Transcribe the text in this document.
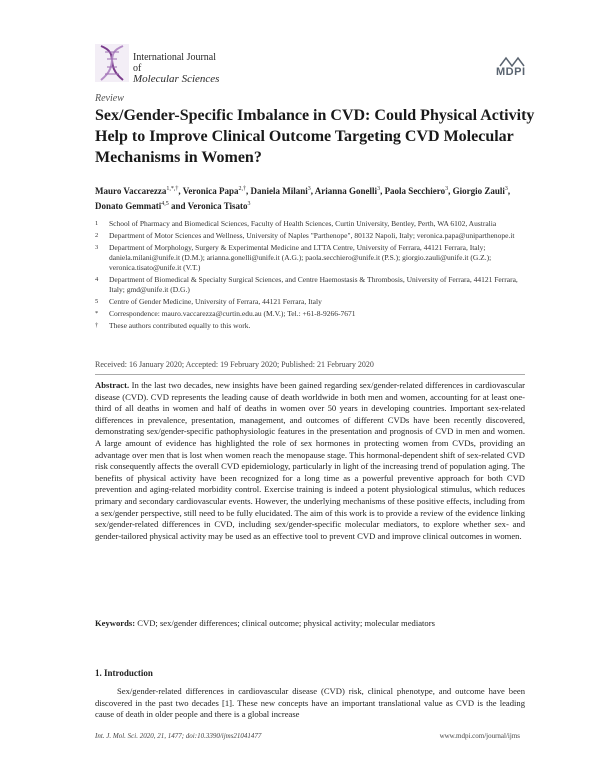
International Journal of
Molecular Sciences
MDPI
Review
Sex/Gender-Specific Imbalance in CVD: Could Physical Activity Help to Improve Clinical Outcome Targeting CVD Molecular Mechanisms in Women?
Mauro Vaccarezza$^{1,*,\dagger}$, Veronica Papa$^{2,\dagger}$, Daniela Milani$^3$, Arianna Gonelli$^3$, Paola Secchiero$^3$, Giorgio Zauli$^3$, Donato Gemmati$^{4,5}$ and Veronica Tisato$^3$
1 School of Pharmacy and Biomedical Sciences, Faculty of Health Sciences, Curtin University, Bentley, Perth, WA 6102, Australia
2 Department of Motor Sciences and Wellness, University of Naples "Parthenope", 80132 Napoli, Italy; veronica.papa@uniparthenope.it
3 Department of Morphology, Surgery & Experimental Medicine and LTTA Centre, University of Ferrara, 44121 Ferrara, Italy; daniela.milani@unife.it (D.M.); arianna.gonelli@unife.it (A.G.); paola.secchiero@unife.it (P.S.); giorgio.zauli@unife.it (G.Z.); veronica.tisato@unife.it (V.T.)
4 Department of Biomedical & Specialty Surgical Sciences, and Centre Haemostasis & Thrombosis, University of Ferrara, 44121 Ferrara, Italy; gmd@unife.it (D.G.)
5 Centre of Gender Medicine, University of Ferrara, 44121 Ferrara, Italy
* Correspondence: mauro.vaccarezza@curtin.edu.au (M.V.); Tel.: +61-8-9266-7671
† These authors contributed equally to this work.
Received: 16 January 2020; Accepted: 19 February 2020; Published: 21 February 2020
Abstract. In the last two decades, new insights have been gained regarding sex/gender-related differences in cardiovascular disease (CVD). CVD represents the leading cause of death worldwide in both men and women, accounting for at least one-third of all deaths in women and half of deaths in women over 50 years in developing countries. Important sex-related differences in prevalence, presentation, management, and outcomes of different CVDs have been recently discovered, demonstrating sex/gender-specific pathophysiologic features in the presentation and prognosis of CVD in men and women. A large amount of evidence has highlighted the role of sex hormones in protecting women from CVDs, providing an advantage over men that is lost when women reach the menopause stage. This hormonal-dependent shift of sex-related CVD risk consequently affects the overall CVD epidemiology, particularly in light of the increasing trend of population aging. The benefits of physical activity have been recognized for a long time as a powerful preventive approach for both CVD prevention and aging-related morbidity control. Exercise training is indeed a potent physiological stimulus, which reduces primary and secondary cardiovascular events. However, the underlying mechanisms of these positive effects, including from a sex/gender perspective, still need to be fully elucidated. The aim of this work is to provide a review of the evidence linking sex/gender-related differences in CVD, including sex/gender-specific molecular mediators, to explore whether sex- and gender-tailored physical activity may be used as an effective tool to prevent CVD and improve clinical outcomes in women.
Keywords: CVD; sex/gender differences; clinical outcome; physical activity; molecular mediators
1. Introduction
Sex/gender-related differences in cardiovascular disease (CVD) risk, clinical phenotype, and outcome have been discovered in the past two decades [1]. These new concepts have an important translational value as CVD is the leading cause of death in older people and there is a global increase
Int. J. Mol. Sci. 2020, 21, 1477; doi:10.3390/ijms21041477	www.mdpi.com/journal/ijms
